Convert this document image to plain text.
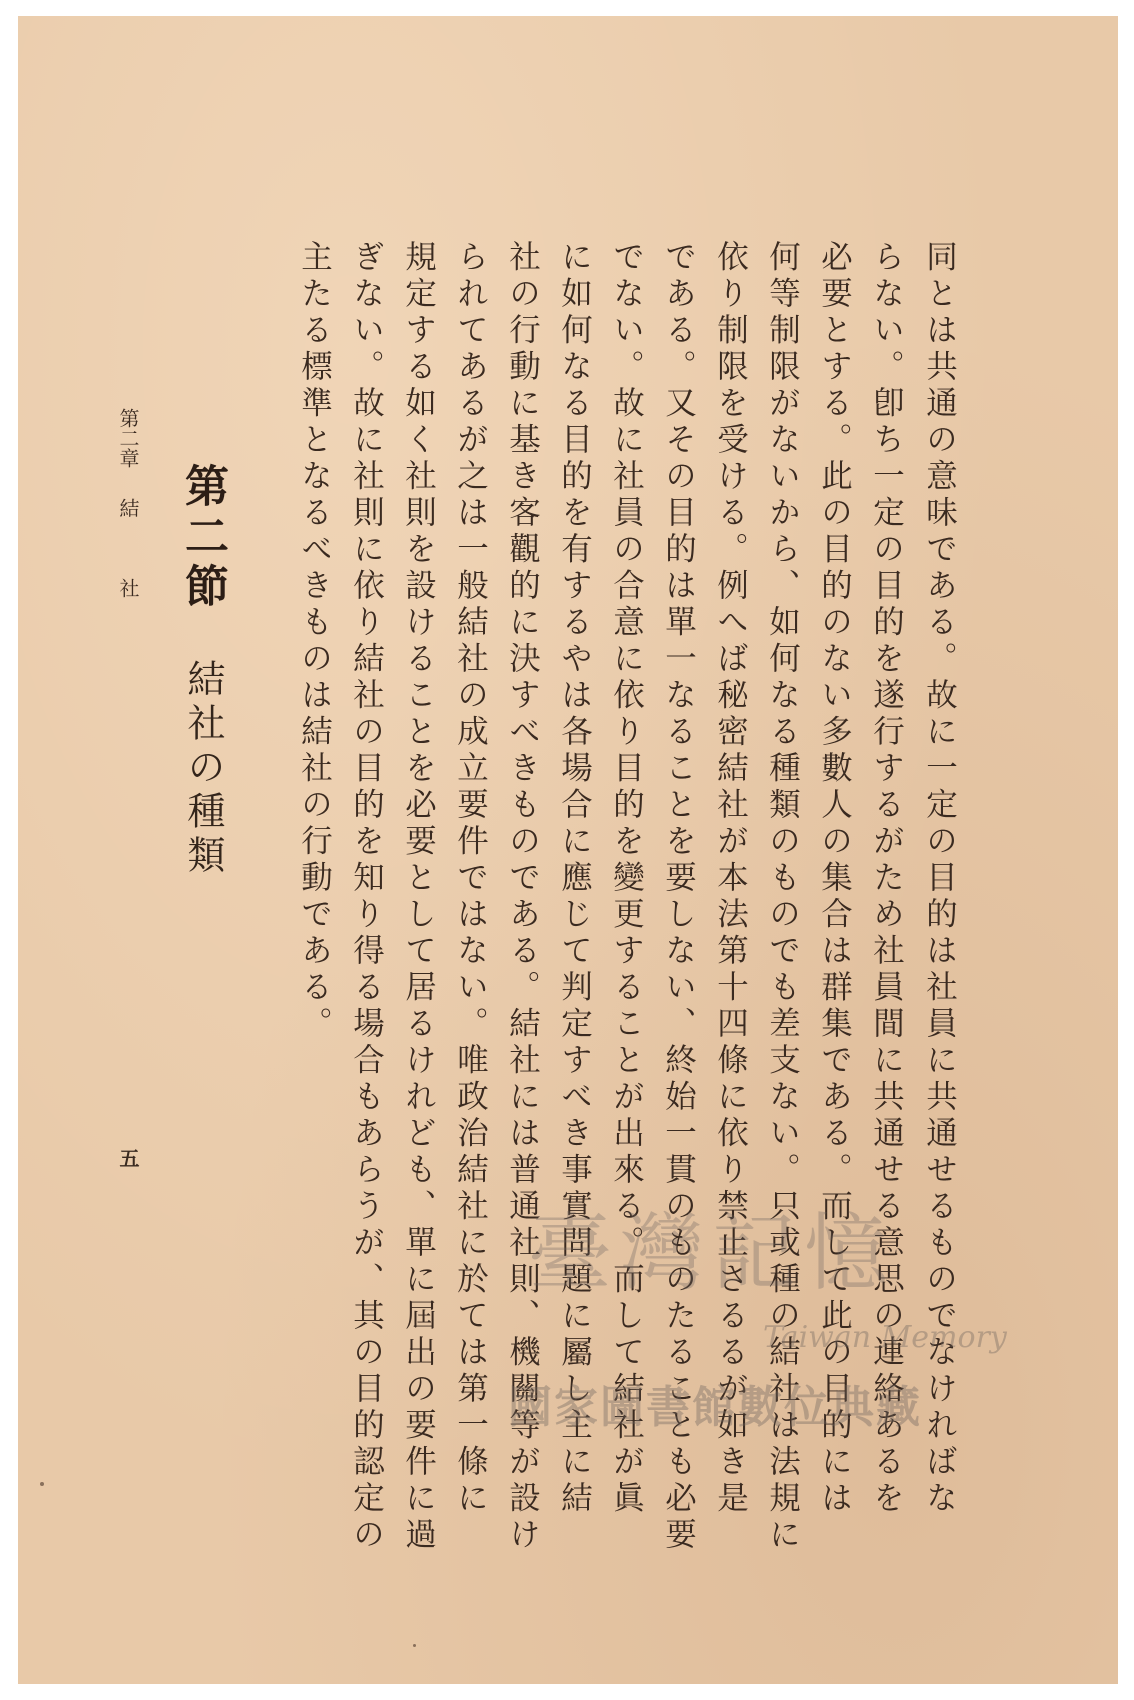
同とは共通の意味である。故に一定の目的は社員に共通せるものでなければな
らない。卽ち一定の目的を遂行するがため社員間に共通せる意思の連絡あるを
必要とする。此の目的のない多數人の集合は群集である。而して此の目的には
何等制限がないから、如何なる種類のものでも差支ない。只或種の結社は法規に
依り制限を受ける。例へば秘密結社が本法第十四條に依り禁止さるるが如き是
である。又その目的は單一なることを要しない、終始一貫のものたることも必要
でない。故に社員の合意に依り目的を變更することが出來る。而して結社が眞
に如何なる目的を有するやは各場合に應じて判定すべき事實問題に屬し主に結
社の行動に基き客觀的に決すべきものである。結社には普通社則、機關等が設け
られてあるが之は一般結社の成立要件ではない。唯政治結社に於ては第一條に
規定する如く社則を設けることを必要として居るけれども、單に屆出の要件に過
ぎない。故に社則に依り結社の目的を知り得る場合もあらうが、其の目的認定の
主たる標準となるべきものは結社の行動である。
第二節
結社の種類
第二章結社
五
臺灣記憶
Taiwan Memory
國家圖書館數位典藏
